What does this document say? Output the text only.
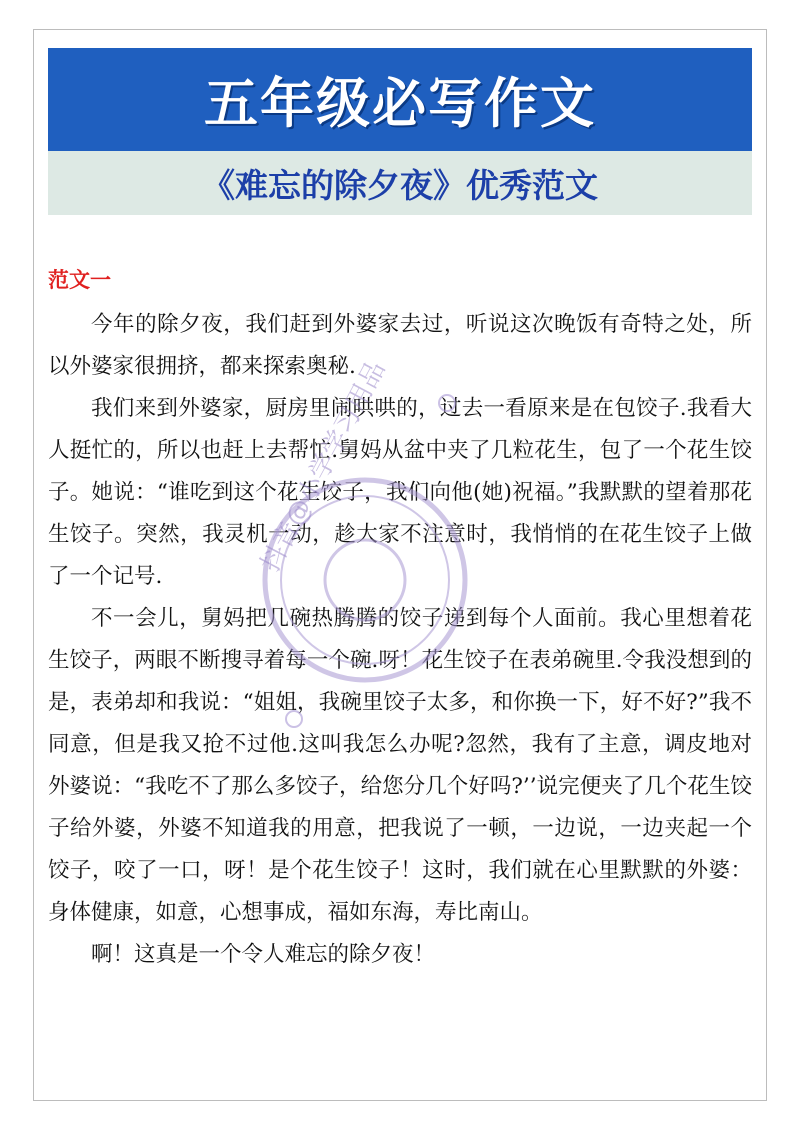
五年级必写作文
《难忘的除夕夜》优秀范文
范文一

今年的除夕夜，我们赶到外婆家去过，听说这次晚饭有奇特之处，所以外婆家很拥挤，都来探索奥秘.

我们来到外婆家，厨房里闹哄哄的，过去一看原来是在包饺子.我看大人挺忙的，所以也赶上去帮忙.舅妈从盆中夹了几粒花生，包了一个花生饺子。她说：“谁吃到这个花生饺子，我们向他(她)祝福。”我默默的望着那花生饺子。突然，我灵机一动，趁大家不注意时，我悄悄的在花生饺子上做了一个记号.

不一会儿，舅妈把几碗热腾腾的饺子递到每个人面前。我心里想着花生饺子，两眼不断搜寻着每一个碗.呀！花生饺子在表弟碗里.令我没想到的是，表弟却和我说：“姐姐，我碗里饺子太多，和你换一下，好不好?”我不同意，但是我又抢不过他.这叫我怎么办呢?忽然，我有了主意，调皮地对外婆说：“我吃不了那么多饺子，给您分几个好吗?’’说完便夹了几个花生饺子给外婆，外婆不知道我的用意，把我说了一顿，一边说，一边夹起一个饺子，咬了一口，呀！是个花生饺子！这时，我们就在心里默默的外婆：身体健康，如意，心想事成，福如东海，寿比南山。

啊！这真是一个令人难忘的除夕夜！

抖音@小学学习用品
